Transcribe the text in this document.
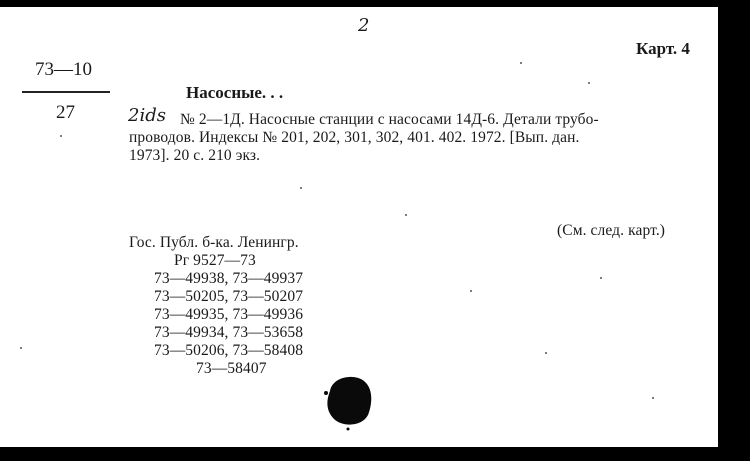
2
Карт. 4
73—10
27
Насосные. . .
2ids № 2—1Д. Насосные станции с насосами 14Д-6. Детали трубо-
проводов. Индексы № 201, 202, 301, 302, 401. 402. 1972. [Вып. дан.
1973]. 20 с. 210 экз.
(См. след. карт.)
Гос. Публ. б-ка. Ленингр.
Рг 9527—73
73—49938, 73—49937
73—50205, 73—50207
73—49935, 73—49936
73—49934, 73—53658
73—50206, 73—58408
73—58407
